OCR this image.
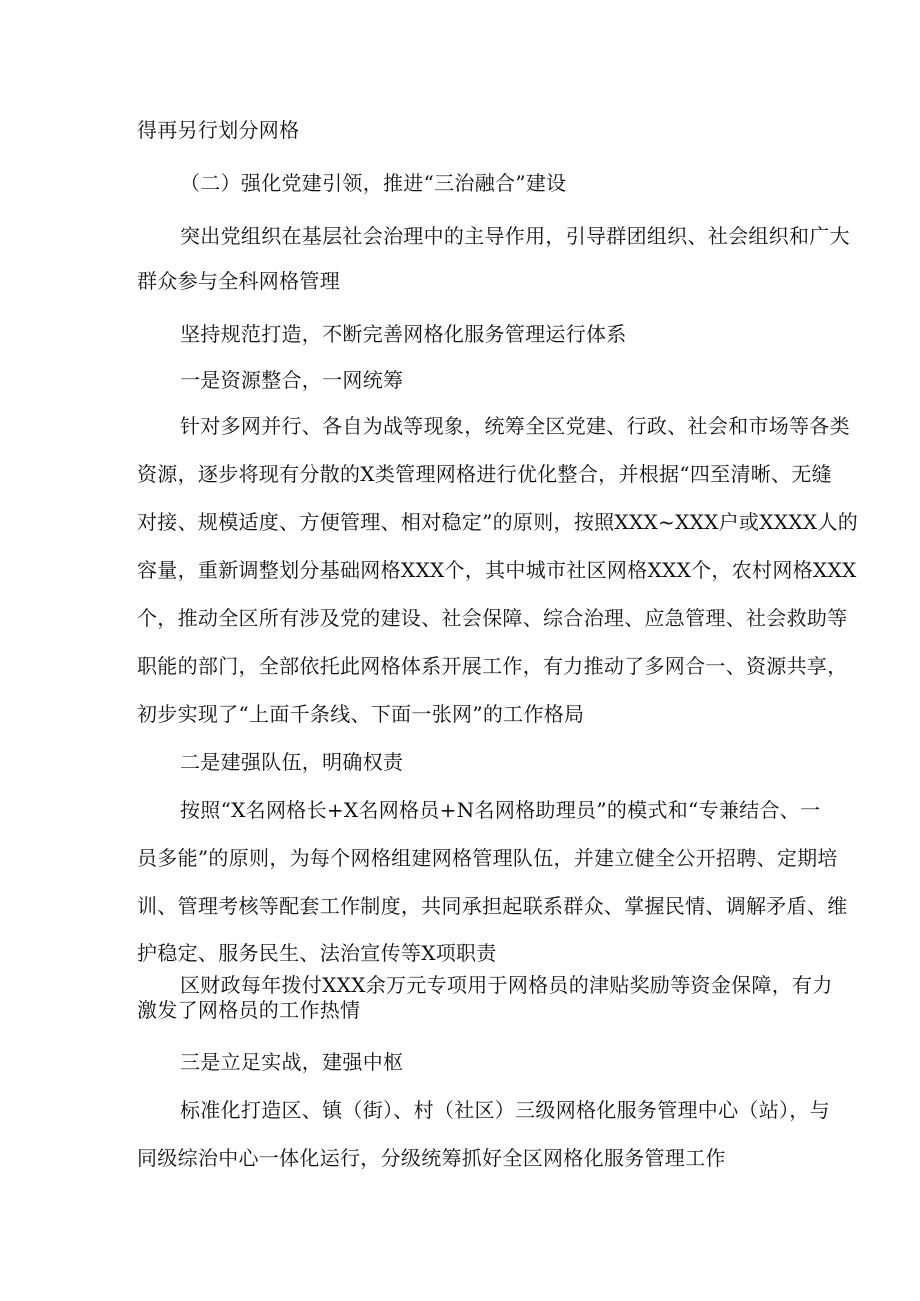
得再另行划分网格
（二）强化党建引领，推进“三治融合”建设
突出党组织在基层社会治理中的主导作用，引导群团组织、社会组织和广大
群众参与全科网格管理
坚持规范打造，不断完善网格化服务管理运行体系
一是资源整合，一网统筹
针对多网并行、各自为战等现象，统筹全区党建、行政、社会和市场等各类
资源，逐步将现有分散的X类管理网格进行优化整合，并根据“四至清晰、无缝
对接、规模适度、方便管理、相对稳定”的原则，按照XXX~XXX户或XXXX人的
容量，重新调整划分基础网格XXX个，其中城市社区网格XXX个，农村网格XXX
个，推动全区所有涉及党的建设、社会保障、综合治理、应急管理、社会救助等
职能的部门，全部依托此网格体系开展工作，有力推动了多网合一、资源共享，
初步实现了“上面千条线、下面一张网”的工作格局
二是建强队伍，明确权责
按照“X名网格长+X名网格员+N名网格助理员”的模式和“专兼结合、一
员多能”的原则，为每个网格组建网格管理队伍，并建立健全公开招聘、定期培
训、管理考核等配套工作制度，共同承担起联系群众、掌握民情、调解矛盾、维
护稳定、服务民生、法治宣传等X项职责
区财政每年拨付XXX余万元专项用于网格员的津贴奖励等资金保障，有力
激发了网格员的工作热情
三是立足实战，建强中枢
标准化打造区、镇（街）、村（社区）三级网格化服务管理中心（站），与
同级综治中心一体化运行，分级统筹抓好全区网格化服务管理工作
